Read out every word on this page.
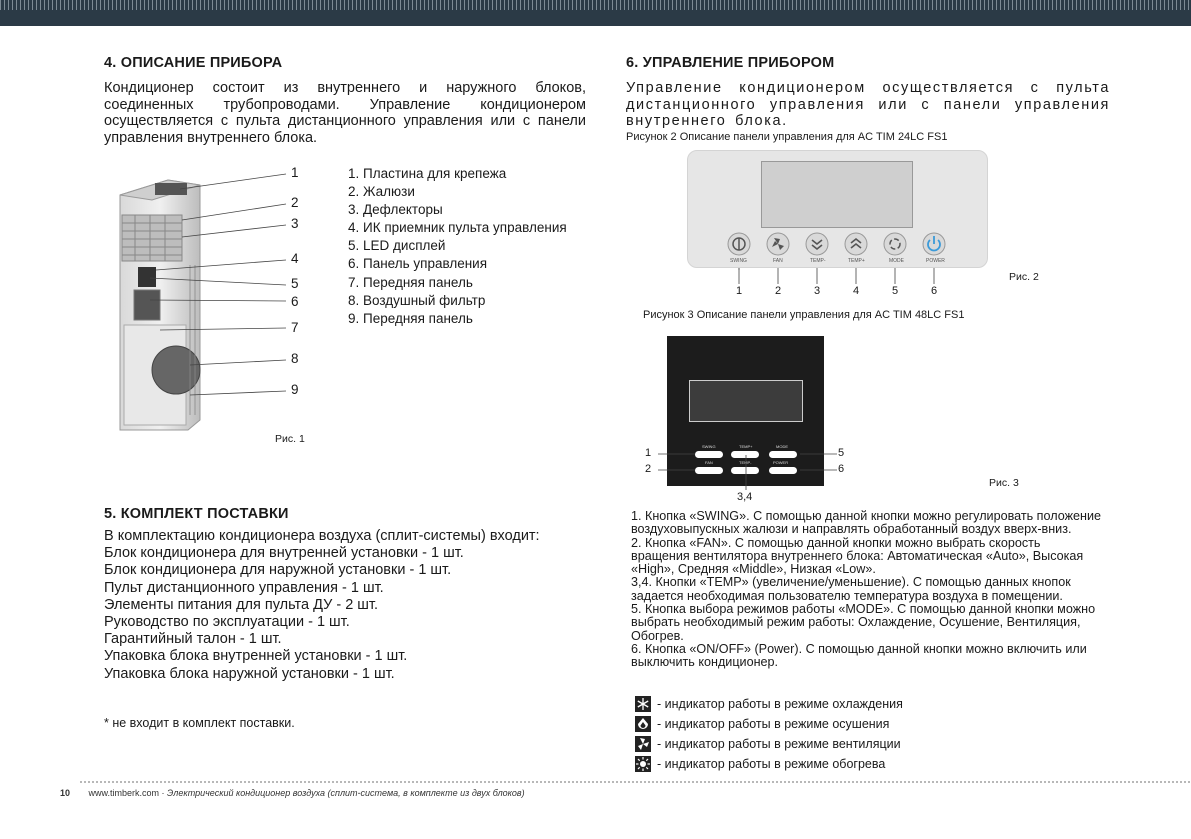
4. ОПИСАНИЕ ПРИБОРА
Кондиционер состоит из внутреннего и наружного блоков, соединенных трубопроводами. Управление кондиционером осуществляется с пульта дистанционного управления или с панели управления внутреннего блока.
1
2
3
4
5
6
7
8
9
Рис. 1
1. Пластина для крепежа
2. Жалюзи
3. Дефлекторы
4. ИК приемник пульта управления
5. LED дисплей
6. Панель управления
7. Передняя панель
8. Воздушный фильтр
9. Передняя панель
5. КОМПЛЕКТ ПОСТАВКИ
В комплектацию кондиционера воздуха (сплит-системы) входит:
Блок кондиционера для внутренней установки - 1 шт.
Блок кондиционера для наружной установки - 1 шт.
Пульт дистанционного управления - 1 шт.
Элементы питания для пульта ДУ - 2 шт.
Руководство по эксплуатации - 1 шт.
Гарантийный талон - 1 шт.
Упаковка блока внутренней установки - 1 шт.
Упаковка блока наружной установки - 1 шт.
* не входит в комплект поставки.
6. УПРАВЛЕНИЕ ПРИБОРОМ
Управление кондиционером осуществляется с пульта дистанционного управления или с панели управления внутреннего блока.
Рисунок 2 Описание панели управления для AC TIM 24LC FS1
SWING	FAN	TEMP-	TEMP+	MODE	POWER
1	2	3	4	5	6
Рис. 2
Рисунок 3 Описание панели управления для AC TIM 48LC FS1
SWING	TEMP+	MODE
FAN	TEMP-	POWER
1
2
5
6
3,4
Рис. 3
1. Кнопка «SWING». С помощью данной кнопки можно регулировать положение
воздуховыпускных жалюзи и направлять обработанный воздух вверх-вниз.
2. Кнопка «FAN». С помощью данной кнопки можно выбрать скорость
вращения вентилятора внутреннего блока: Автоматическая «Auto», Высокая
«High», Средняя «Middle», Низкая «Low».
3,4. Кнопки «TEMP» (увеличение/уменьшение). С помощью данных кнопок
задается необходимая пользователю температура воздуха в помещении.
5. Кнопка выбора режимов работы «MODE». С помощью данной кнопки можно
выбрать необходимый режим работы: Охлаждение, Осушение, Вентиляция,
Обогрев.
6. Кнопка «ON/OFF» (Power). С помощью данной кнопки можно включить или
выключить кондиционер.
- индикатор работы в режиме охлаждения
- индикатор работы в режиме осушения
- индикатор работы в режиме вентиляции
- индикатор работы в режиме обогрева
10 www.timberk.com · Электрический кондиционер воздуха (сплит-система, в комплекте из двух блоков)
